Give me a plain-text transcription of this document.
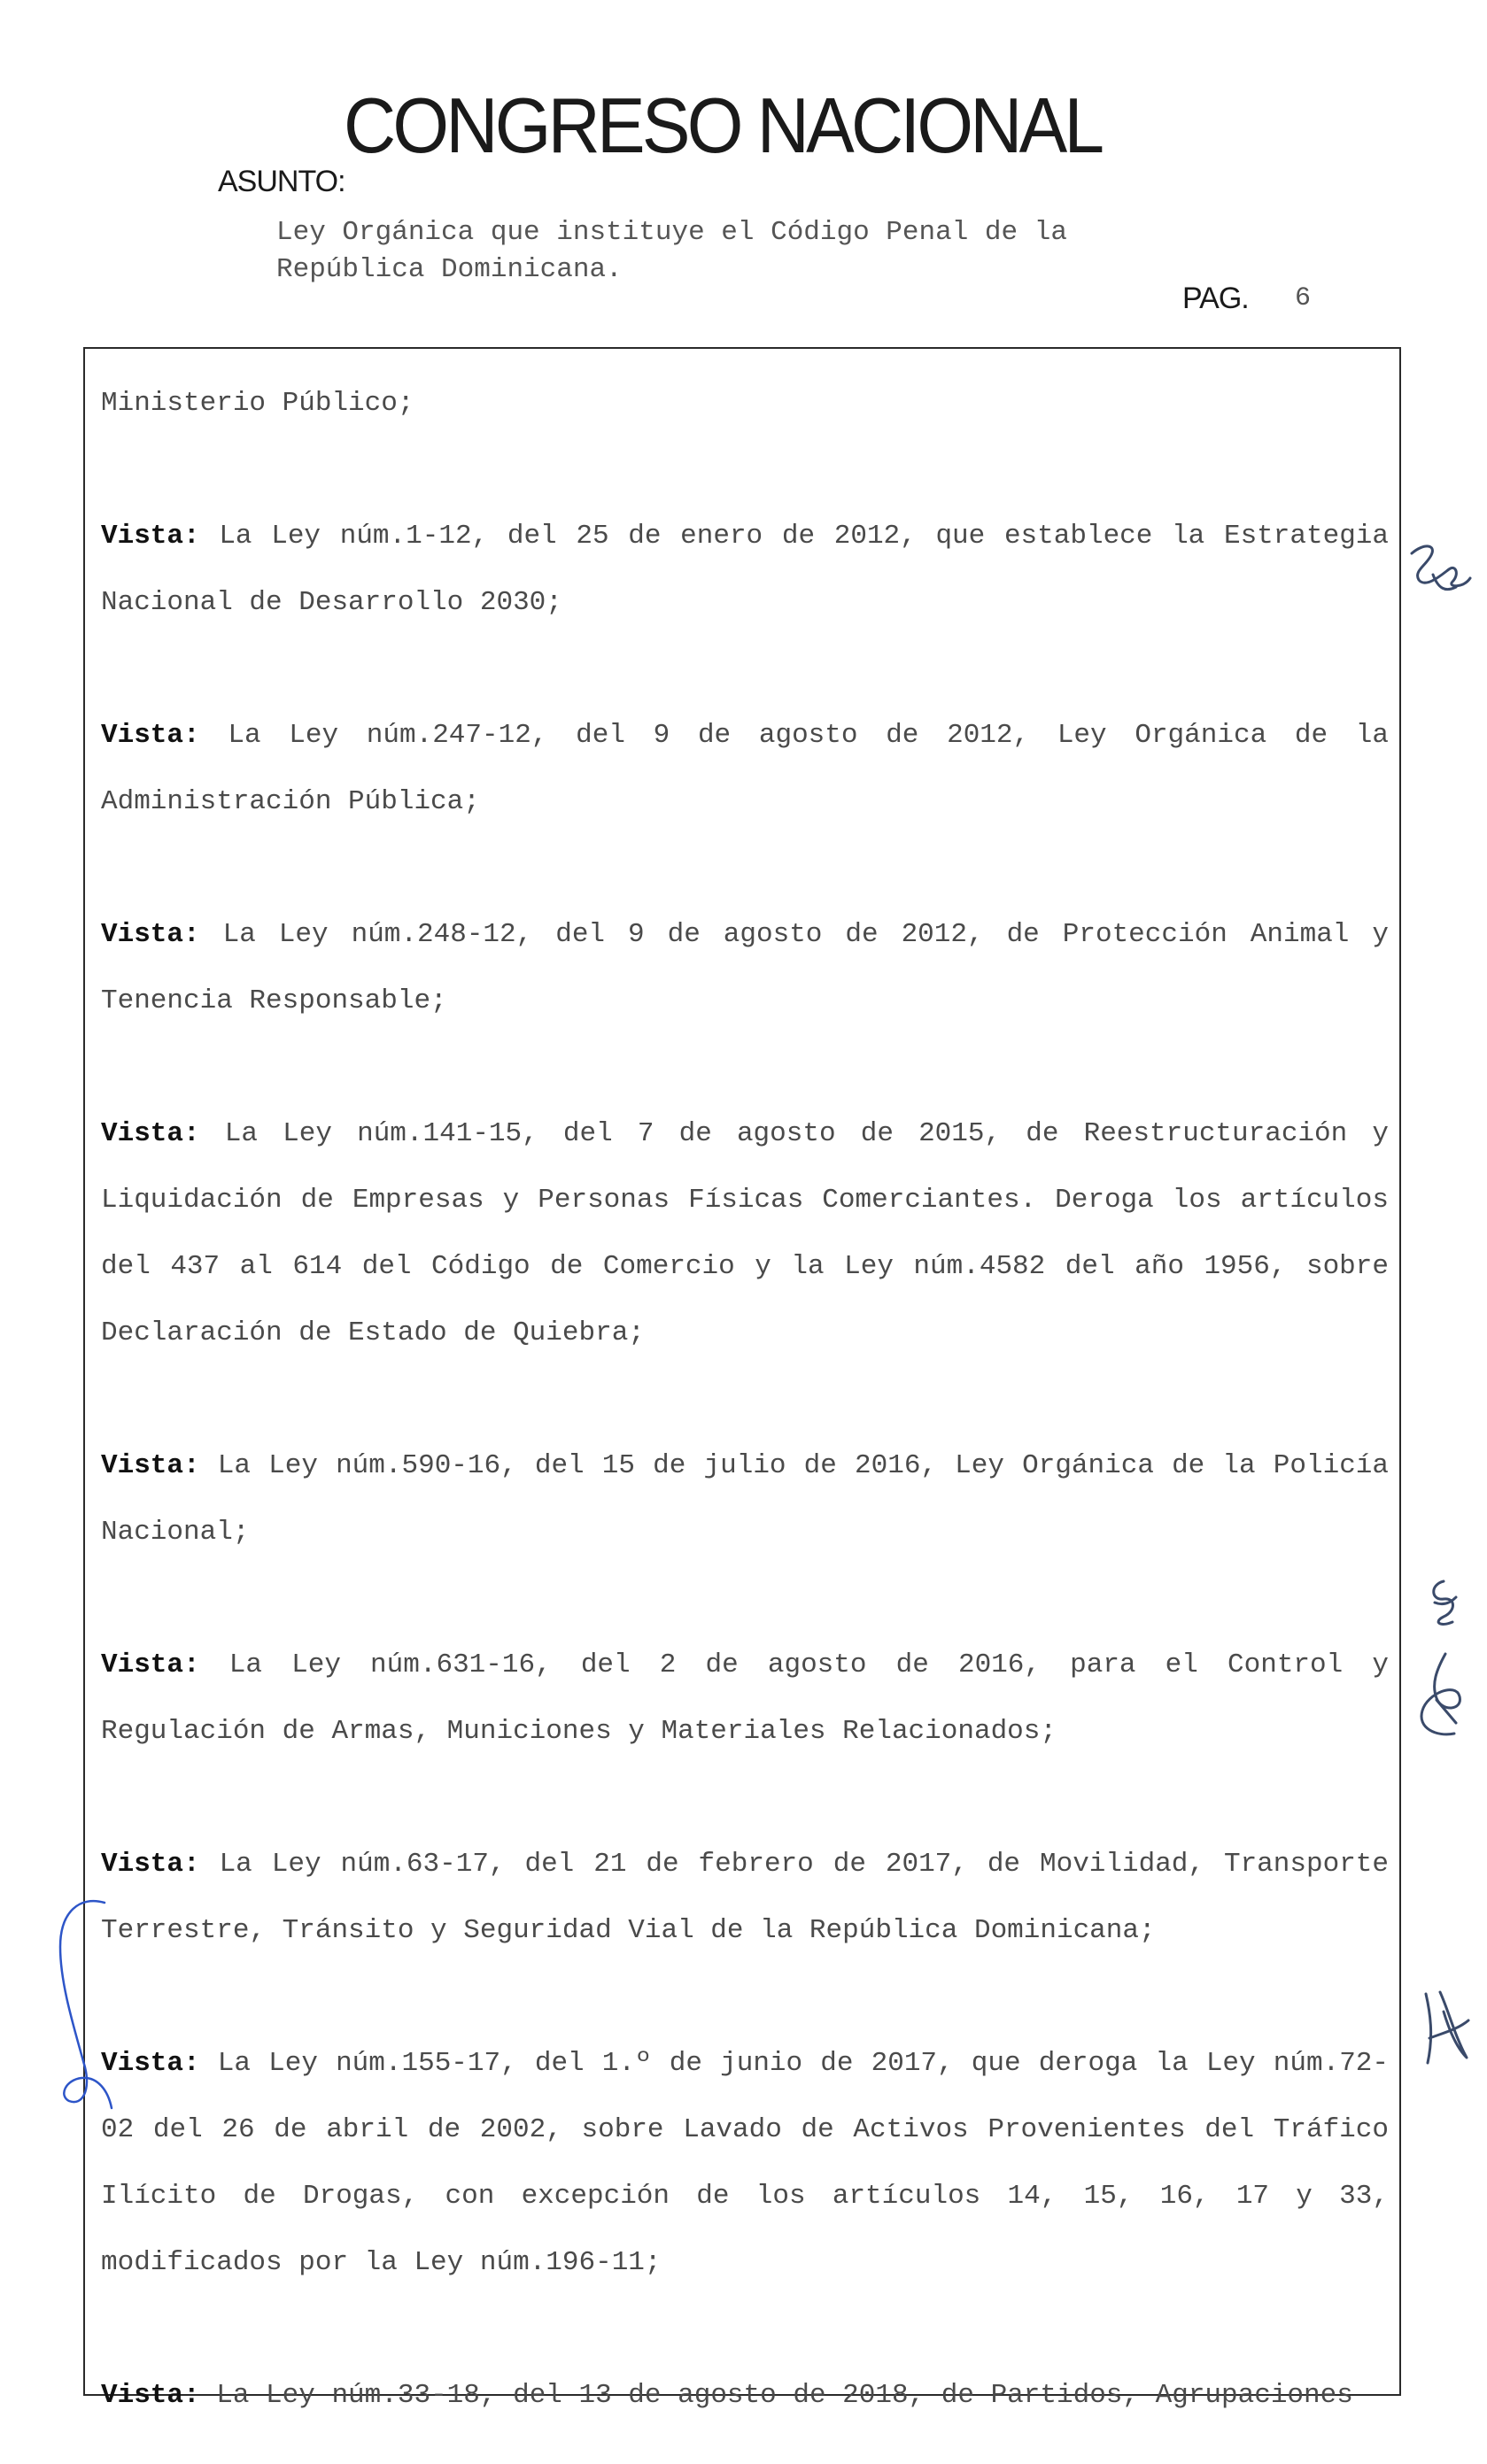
CONGRESO NACIONAL
ASUNTO:
Ley Orgánica que instituye el Código Penal de la
República Dominicana.
PAG. 6

Ministerio Público;

Vista: La Ley núm.1-12, del 25 de enero de 2012, que establece la Estrategia Nacional de Desarrollo 2030;

Vista: La Ley núm.247-12, del 9 de agosto de 2012, Ley Orgánica de la Administración Pública;

Vista: La Ley núm.248-12, del 9 de agosto de 2012, de Protección Animal y Tenencia Responsable;

Vista: La Ley núm.141-15, del 7 de agosto de 2015, de Reestructuración y Liquidación de Empresas y Personas Físicas Comerciantes. Deroga los artículos del 437 al 614 del Código de Comercio y la Ley núm.4582 del año 1956, sobre Declaración de Estado de Quiebra;

Vista: La Ley núm.590-16, del 15 de julio de 2016, Ley Orgánica de la Policía Nacional;

Vista: La Ley núm.631-16, del 2 de agosto de 2016, para el Control y Regulación de Armas, Municiones y Materiales Relacionados;

Vista: La Ley núm.63-17, del 21 de febrero de 2017, de Movilidad, Transporte Terrestre, Tránsito y Seguridad Vial de la República Dominicana;

Vista: La Ley núm.155-17, del 1.º de junio de 2017, que deroga la Ley núm.72-02 del 26 de abril de 2002, sobre Lavado de Activos Provenientes del Tráfico Ilícito de Drogas, con excepción de los artículos 14, 15, 16, 17 y 33, modificados por la Ley núm.196-11;

Vista: La Ley núm.33-18, del 13 de agosto de 2018, de Partidos, Agrupaciones
